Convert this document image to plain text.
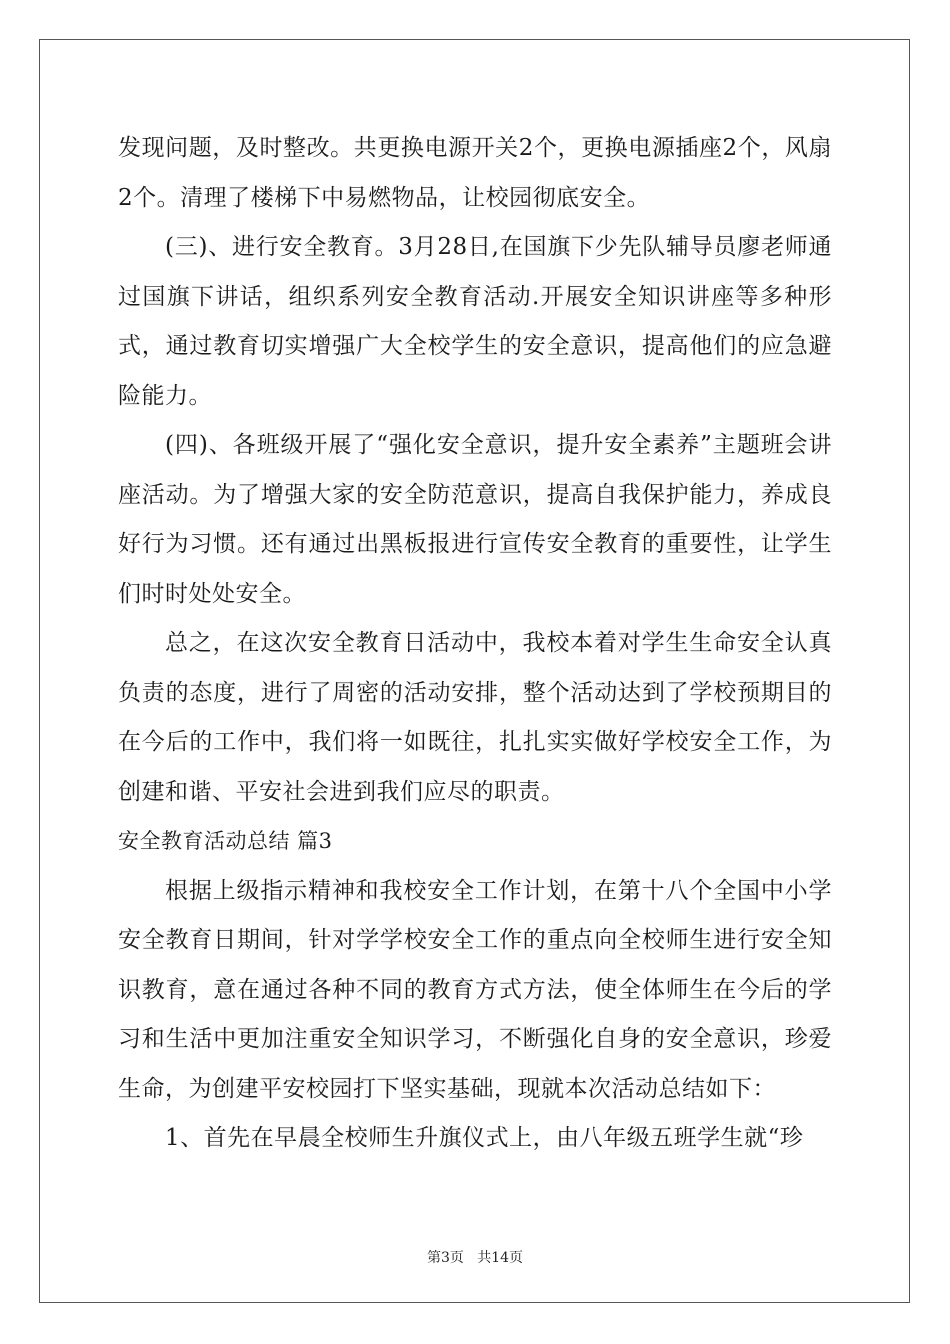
发现问题，及时整改。共更换电源开关2个，更换电源插座2个，风扇2个。清理了楼梯下中易燃物品，让校园彻底安全。

(三)、进行安全教育。3月28日,在国旗下少先队辅导员廖老师通过国旗下讲话，组织系列安全教育活动.开展安全知识讲座等多种形式，通过教育切实增强广大全校学生的安全意识，提高他们的应急避险能力。

(四)、各班级开展了“强化安全意识，提升安全素养”主题班会讲座活动。为了增强大家的安全防范意识，提高自我保护能力，养成良好行为习惯。还有通过出黑板报进行宣传安全教育的重要性，让学生们时时处处安全。

总之，在这次安全教育日活动中，我校本着对学生生命安全认真负责的态度，进行了周密的活动安排，整个活动达到了学校预期目的在今后的工作中，我们将一如既往，扎扎实实做好学校安全工作，为创建和谐、平安社会进到我们应尽的职责。

安全教育活动总结 篇3

根据上级指示精神和我校安全工作计划，在第十八个全国中小学安全教育日期间，针对学学校安全工作的重点向全校师生进行安全知识教育，意在通过各种不同的教育方式方法，使全体师生在今后的学习和生活中更加注重安全知识学习，不断强化自身的安全意识，珍爱生命，为创建平安校园打下坚实基础，现就本次活动总结如下：

1、首先在早晨全校师生升旗仪式上，由八年级五班学生就“珍

第3页   共14页
